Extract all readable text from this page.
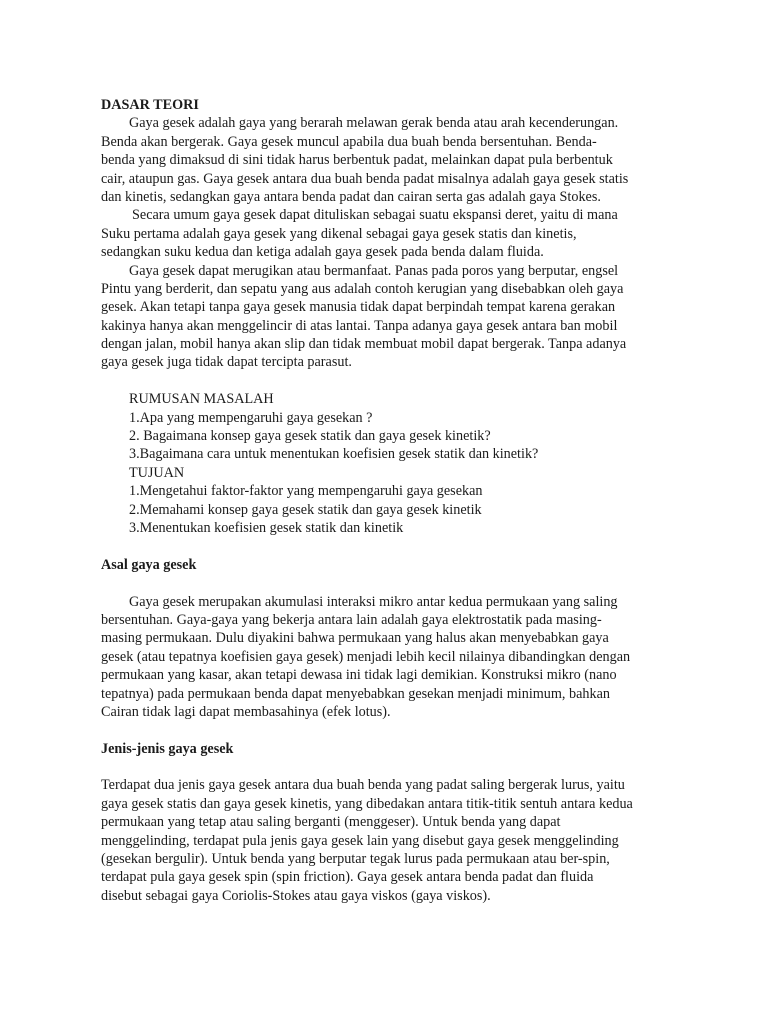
DASAR TEORI
Gaya gesek adalah gaya yang berarah melawan gerak benda atau arah kecenderungan.
Benda akan bergerak. Gaya gesek muncul apabila dua buah benda bersentuhan. Benda-
benda yang dimaksud di sini tidak harus berbentuk padat, melainkan dapat pula berbentuk
cair, ataupun gas. Gaya gesek antara dua buah benda padat misalnya adalah gaya gesek statis
dan kinetis, sedangkan gaya antara benda padat dan cairan serta gas adalah gaya Stokes.
Secara umum gaya gesek dapat dituliskan sebagai suatu ekspansi deret, yaitu di mana
Suku pertama adalah gaya gesek yang dikenal sebagai gaya gesek statis dan kinetis,
sedangkan suku kedua dan ketiga adalah gaya gesek pada benda dalam fluida.
Gaya gesek dapat merugikan atau bermanfaat. Panas pada poros yang berputar, engsel
Pintu yang berderit, dan sepatu yang aus adalah contoh kerugian yang disebabkan oleh gaya
gesek. Akan tetapi tanpa gaya gesek manusia tidak dapat berpindah tempat karena gerakan
kakinya hanya akan menggelincir di atas lantai. Tanpa adanya gaya gesek antara ban mobil
dengan jalan, mobil hanya akan slip dan tidak membuat mobil dapat bergerak. Tanpa adanya
gaya gesek juga tidak dapat tercipta parasut.
RUMUSAN MASALAH
1.Apa yang mempengaruhi gaya gesekan ?
2. Bagaimana konsep gaya gesek statik dan gaya gesek kinetik?
3.Bagaimana cara untuk menentukan koefisien gesek statik dan kinetik?
TUJUAN
1.Mengetahui faktor-faktor yang mempengaruhi gaya gesekan
2.Memahami konsep gaya gesek statik dan gaya gesek kinetik
3.Menentukan koefisien gesek statik dan kinetik
Asal gaya gesek
Gaya gesek merupakan akumulasi interaksi mikro antar kedua permukaan yang saling
bersentuhan. Gaya-gaya yang bekerja antara lain adalah gaya elektrostatik pada masing-
masing permukaan. Dulu diyakini bahwa permukaan yang halus akan menyebabkan gaya
gesek (atau tepatnya koefisien gaya gesek) menjadi lebih kecil nilainya dibandingkan dengan
permukaan yang kasar, akan tetapi dewasa ini tidak lagi demikian. Konstruksi mikro (nano
tepatnya) pada permukaan benda dapat menyebabkan gesekan menjadi minimum, bahkan
Cairan tidak lagi dapat membasahinya (efek lotus).
Jenis-jenis gaya gesek
Terdapat dua jenis gaya gesek antara dua buah benda yang padat saling bergerak lurus, yaitu
gaya gesek statis dan gaya gesek kinetis, yang dibedakan antara titik-titik sentuh antara kedua
permukaan yang tetap atau saling berganti (menggeser). Untuk benda yang dapat
menggelinding, terdapat pula jenis gaya gesek lain yang disebut gaya gesek menggelinding
(gesekan bergulir). Untuk benda yang berputar tegak lurus pada permukaan atau ber-spin,
terdapat pula gaya gesek spin (spin friction). Gaya gesek antara benda padat dan fluida
disebut sebagai gaya Coriolis-Stokes atau gaya viskos (gaya viskos).
